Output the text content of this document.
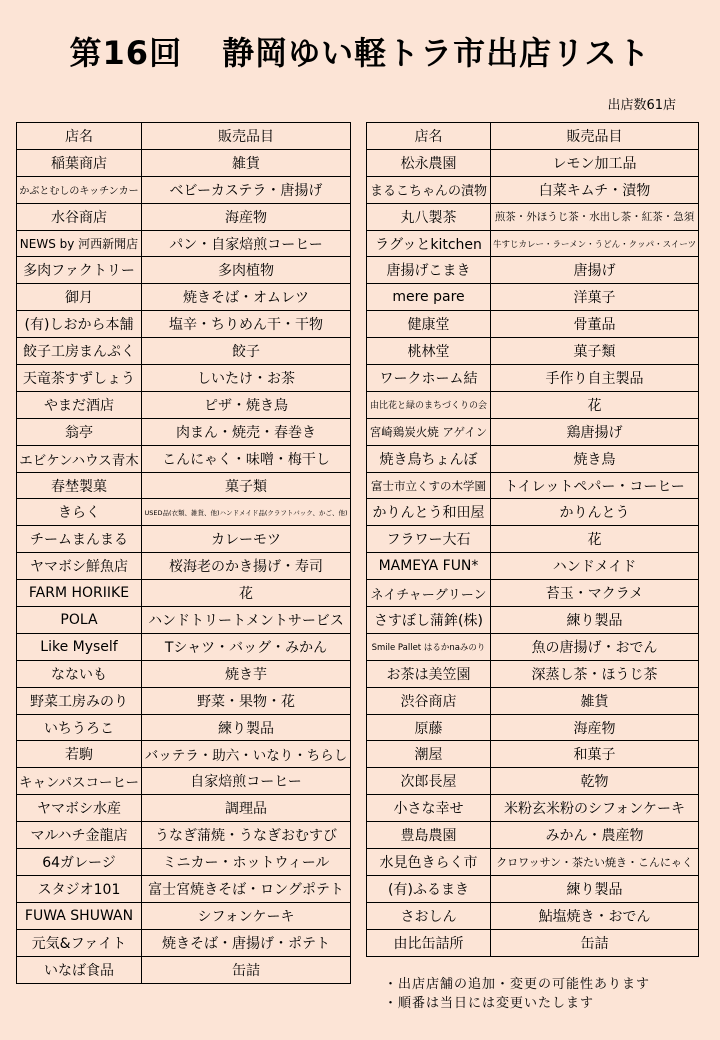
第16回 静岡ゆい軽トラ市出店リスト
出店数61店
店名	販売品目
稲葉商店	雑貨
かぶとむしのキッチンカー	ベビーカステラ・唐揚げ
水谷商店	海産物
NEWS by 河西新聞店	パン・自家焙煎コーヒー
多肉ファクトリー	多肉植物
御月	焼きそば・オムレツ
(有)しおから本舗	塩辛・ちりめん干・干物
餃子工房まんぷく	餃子
天竜茶すずしょう	しいたけ・お茶
やまだ酒店	ピザ・焼き鳥
翁亭	肉まん・焼売・春巻き
エビケンハウス青木	こんにゃく・味噌・梅干し
春埜製菓	菓子類
きらく	USED品(衣類、雑貨、他)ハンドメイド品(クラフトバック、かご、他)
チームまんまる	カレーモツ
ヤマボシ鮮魚店	桜海老のかき揚げ・寿司
FARM HORIIKE	花
POLA	ハンドトリートメントサービス
Like Myself	Tシャツ・バッグ・みかん
なないも	焼き芋
野菜工房みのり	野菜・果物・花
いちうろこ	練り製品
若駒	バッテラ・助六・いなり・ちらし
キャンパスコーヒー	自家焙煎コーヒー
ヤマボシ水産	調理品
マルハチ金龍店	うなぎ蒲焼・うなぎおむすび
64ガレージ	ミニカー・ホットウィール
スタジオ101	富士宮焼きそば・ロングポテト
FUWA SHUWAN	シフォンケーキ
元気&ファイト	焼きそば・唐揚げ・ポテト
いなば食品	缶詰
店名	販売品目
松永農園	レモン加工品
まるこちゃんの漬物	白菜キムチ・漬物
丸八製茶	煎茶・外ほうじ茶・水出し茶・紅茶・急須
ラグッとkitchen	牛すじカレー・ラーメン・うどん・クッパ・スイーツ
唐揚げこまき	唐揚げ
mere pare	洋菓子
健康堂	骨董品
桃林堂	菓子類
ワークホーム結	手作り自主製品
由比花と緑のまちづくりの会	花
宮崎鶏炭火焼 アゲイン	鶏唐揚げ
焼き鳥ちょんぼ	焼き鳥
富士市立くすの木学園	トイレットペパー・コーヒー
かりんとう和田屋	かりんとう
フラワー大石	花
MAMEYA FUN*	ハンドメイド
ネイチャーグリーン	苔玉・マクラメ
さすぼし蒲鉾(株)	練り製品
Smile Pallet はるかnaみのり	魚の唐揚げ・おでん
お茶は美笠園	深蒸し茶・ほうじ茶
渋谷商店	雑貨
原藤	海産物
潮屋	和菓子
次郎長屋	乾物
小さな幸せ	米粉玄米粉のシフォンケーキ
豊島農園	みかん・農産物
水見色きらく市	クロワッサン・茶たい焼き・こんにゃく
(有)ふるまき	練り製品
さおしん	鮎塩焼き・おでん
由比缶詰所	缶詰
・出店店舗の追加・変更の可能性あります
・順番は当日には変更いたします
